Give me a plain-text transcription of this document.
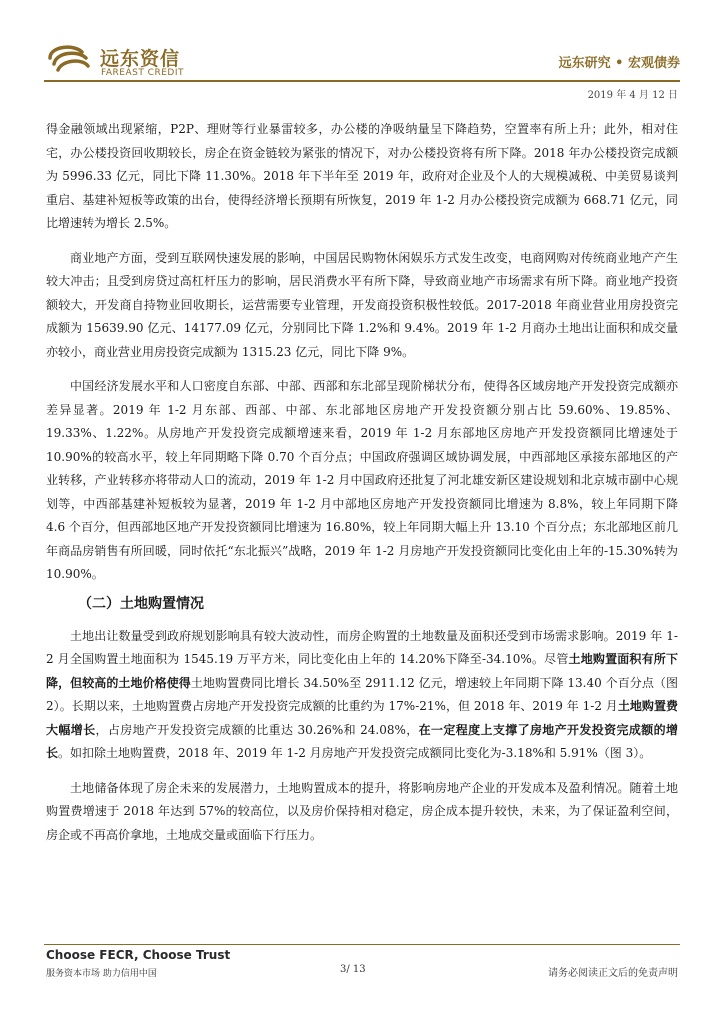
远东资信
FAREAST CREDIT
远东研究 • 宏观债券
2019 年 4 月 12 日

得金融领域出现紧缩，P2P、理财等行业暴雷较多，办公楼的净吸纳量呈下降趋势，空置率有所上升；此外，相对住宅，办公楼投资回收期较长，房企在资金链较为紧张的情况下，对办公楼投资将有所下降。2018 年办公楼投资完成额为 5996.33 亿元，同比下降 11.30%。2018 年下半年至 2019 年，政府对企业及个人的大规模减税、中美贸易谈判重启、基建补短板等政策的出台，使得经济增长预期有所恢复，2019 年 1-2 月办公楼投资完成额为 668.71 亿元，同比增速转为增长 2.5%。

商业地产方面，受到互联网快速发展的影响，中国居民购物休闲娱乐方式发生改变，电商网购对传统商业地产产生较大冲击；且受到房贷过高杠杆压力的影响，居民消费水平有所下降，导致商业地产市场需求有所下降。商业地产投资额较大，开发商自持物业回收期长，运营需要专业管理，开发商投资积极性较低。2017-2018 年商业营业用房投资完成额为 15639.90 亿元、14177.09 亿元，分别同比下降 1.2%和 9.4%。2019 年 1-2 月商办土地出让面积和成交量亦较小，商业营业用房投资完成额为 1315.23 亿元，同比下降 9%。

中国经济发展水平和人口密度自东部、中部、西部和东北部呈现阶梯状分布，使得各区域房地产开发投资完成额亦差异显著。2019 年 1-2 月东部、西部、中部、东北部地区房地产开发投资额分别占比 59.60%、19.85%、19.33%、1.22%。从房地产开发投资完成额增速来看，2019 年 1-2 月东部地区房地产开发投资额同比增速处于 10.90%的较高水平，较上年同期略下降 0.70 个百分点；中国政府强调区域协调发展，中西部地区承接东部地区的产业转移，产业转移亦将带动人口的流动，2019 年 1-2 月中国政府还批复了河北雄安新区建设规划和北京城市副中心规划等，中西部基建补短板较为显著，2019 年 1-2 月中部地区房地产开发投资额同比增速为 8.8%，较上年同期下降 4.6 个百分，但西部地区地产开发投资额同比增速为 16.80%，较上年同期大幅上升 13.10 个百分点；东北部地区前几年商品房销售有所回暖，同时依托“东北振兴”战略，2019 年 1-2 月房地产开发投资额同比变化由上年的-15.30%转为 10.90%。

（二）土地购置情况

土地出让数量受到政府规划影响具有较大波动性，而房企购置的土地数量及面积还受到市场需求影响。2019 年 1-2 月全国购置土地面积为 1545.19 万平方米，同比变化由上年的 14.20%下降至-34.10%。尽管土地购置面积有所下降，但较高的土地价格使得土地购置费同比增长 34.50%至 2911.12 亿元，增速较上年同期下降 13.40 个百分点（图 2）。长期以来，土地购置费占房地产开发投资完成额的比重约为 17%-21%，但 2018 年、2019 年 1-2 月土地购置费大幅增长，占房地产开发投资完成额的比重达 30.26%和 24.08%，在一定程度上支撑了房地产开发投资完成额的增长。如扣除土地购置费，2018 年、2019 年 1-2 月房地产开发投资完成额同比变化为-3.18%和 5.91%（图 3）。

土地储备体现了房企未来的发展潜力，土地购置成本的提升，将影响房地产企业的开发成本及盈利情况。随着土地购置费增速于 2018 年达到 57%的较高位，以及房价保持相对稳定，房企成本提升较快，未来，为了保证盈利空间，房企或不再高价拿地，土地成交量或面临下行压力。

Choose FECR, Choose Trust
服务资本市场 助力信用中国	3/ 13	请务必阅读正文后的免责声明
